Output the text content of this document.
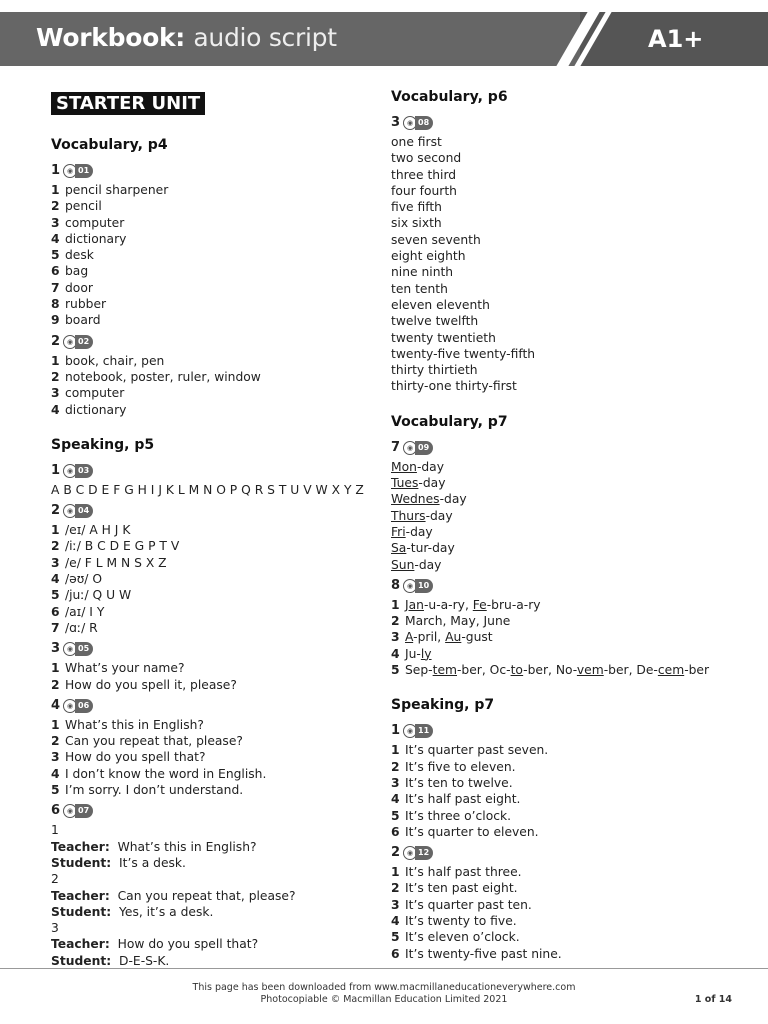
Workbook: audio script	A1+
STARTER UNIT
Vocabulary, p4
1 ◉ 01
1 pencil sharpener
2 pencil
3 computer
4 dictionary
5 desk
6 bag
7 door
8 rubber
9 board
2 ◉ 02
1 book, chair, pen
2 notebook, poster, ruler, window
3 computer
4 dictionary
Speaking, p5
1 ◉ 03
A B C D E F G H I J K L M N O P Q R S T U V W X Y Z
2 ◉ 04
1 /eɪ/ A H J K
2 /iː/ B C D E G P T V
3 /e/ F L M N S X Z
4 /əʊ/ O
5 /juː/ Q U W
6 /aɪ/ I Y
7 /ɑː/ R
3 ◉ 05
1 What’s your name?
2 How do you spell it, please?
4 ◉ 06
1 What’s this in English?
2 Can you repeat that, please?
3 How do you spell that?
4 I don’t know the word in English.
5 I’m sorry. I don’t understand.
6 ◉ 07
1
Teacher: What’s this in English?
Student: It’s a desk.
2
Teacher: Can you repeat that, please?
Student: Yes, it’s a desk.
3
Teacher: How do you spell that?
Student: D-E-S-K.
Vocabulary, p6
3 ◉ 08
one first
two second
three third
four fourth
five fifth
six sixth
seven seventh
eight eighth
nine ninth
ten tenth
eleven eleventh
twelve twelfth
twenty twentieth
twenty-five twenty-fifth
thirty thirtieth
thirty-one thirty-first
Vocabulary, p7
7 ◉ 09
Mon-day
Tues-day
Wednes-day
Thurs-day
Fri-day
Sa-tur-day
Sun-day
8 ◉ 10
1 Jan-u-a-ry, Fe-bru-a-ry
2 March, May, June
3 A-pril, Au-gust
4 Ju-ly
5 Sep-tem-ber, Oc-to-ber, No-vem-ber, De-cem-ber
Speaking, p7
1 ◉ 11
1 It’s quarter past seven.
2 It’s five to eleven.
3 It’s ten to twelve.
4 It’s half past eight.
5 It’s three o’clock.
6 It’s quarter to eleven.
2 ◉ 12
1 It’s half past three.
2 It’s ten past eight.
3 It’s quarter past ten.
4 It’s twenty to five.
5 It’s eleven o’clock.
6 It’s twenty-five past nine.
This page has been downloaded from www.macmillaneducationeverywhere.com
Photocopiable © Macmillan Education Limited 2021	1 of 14
